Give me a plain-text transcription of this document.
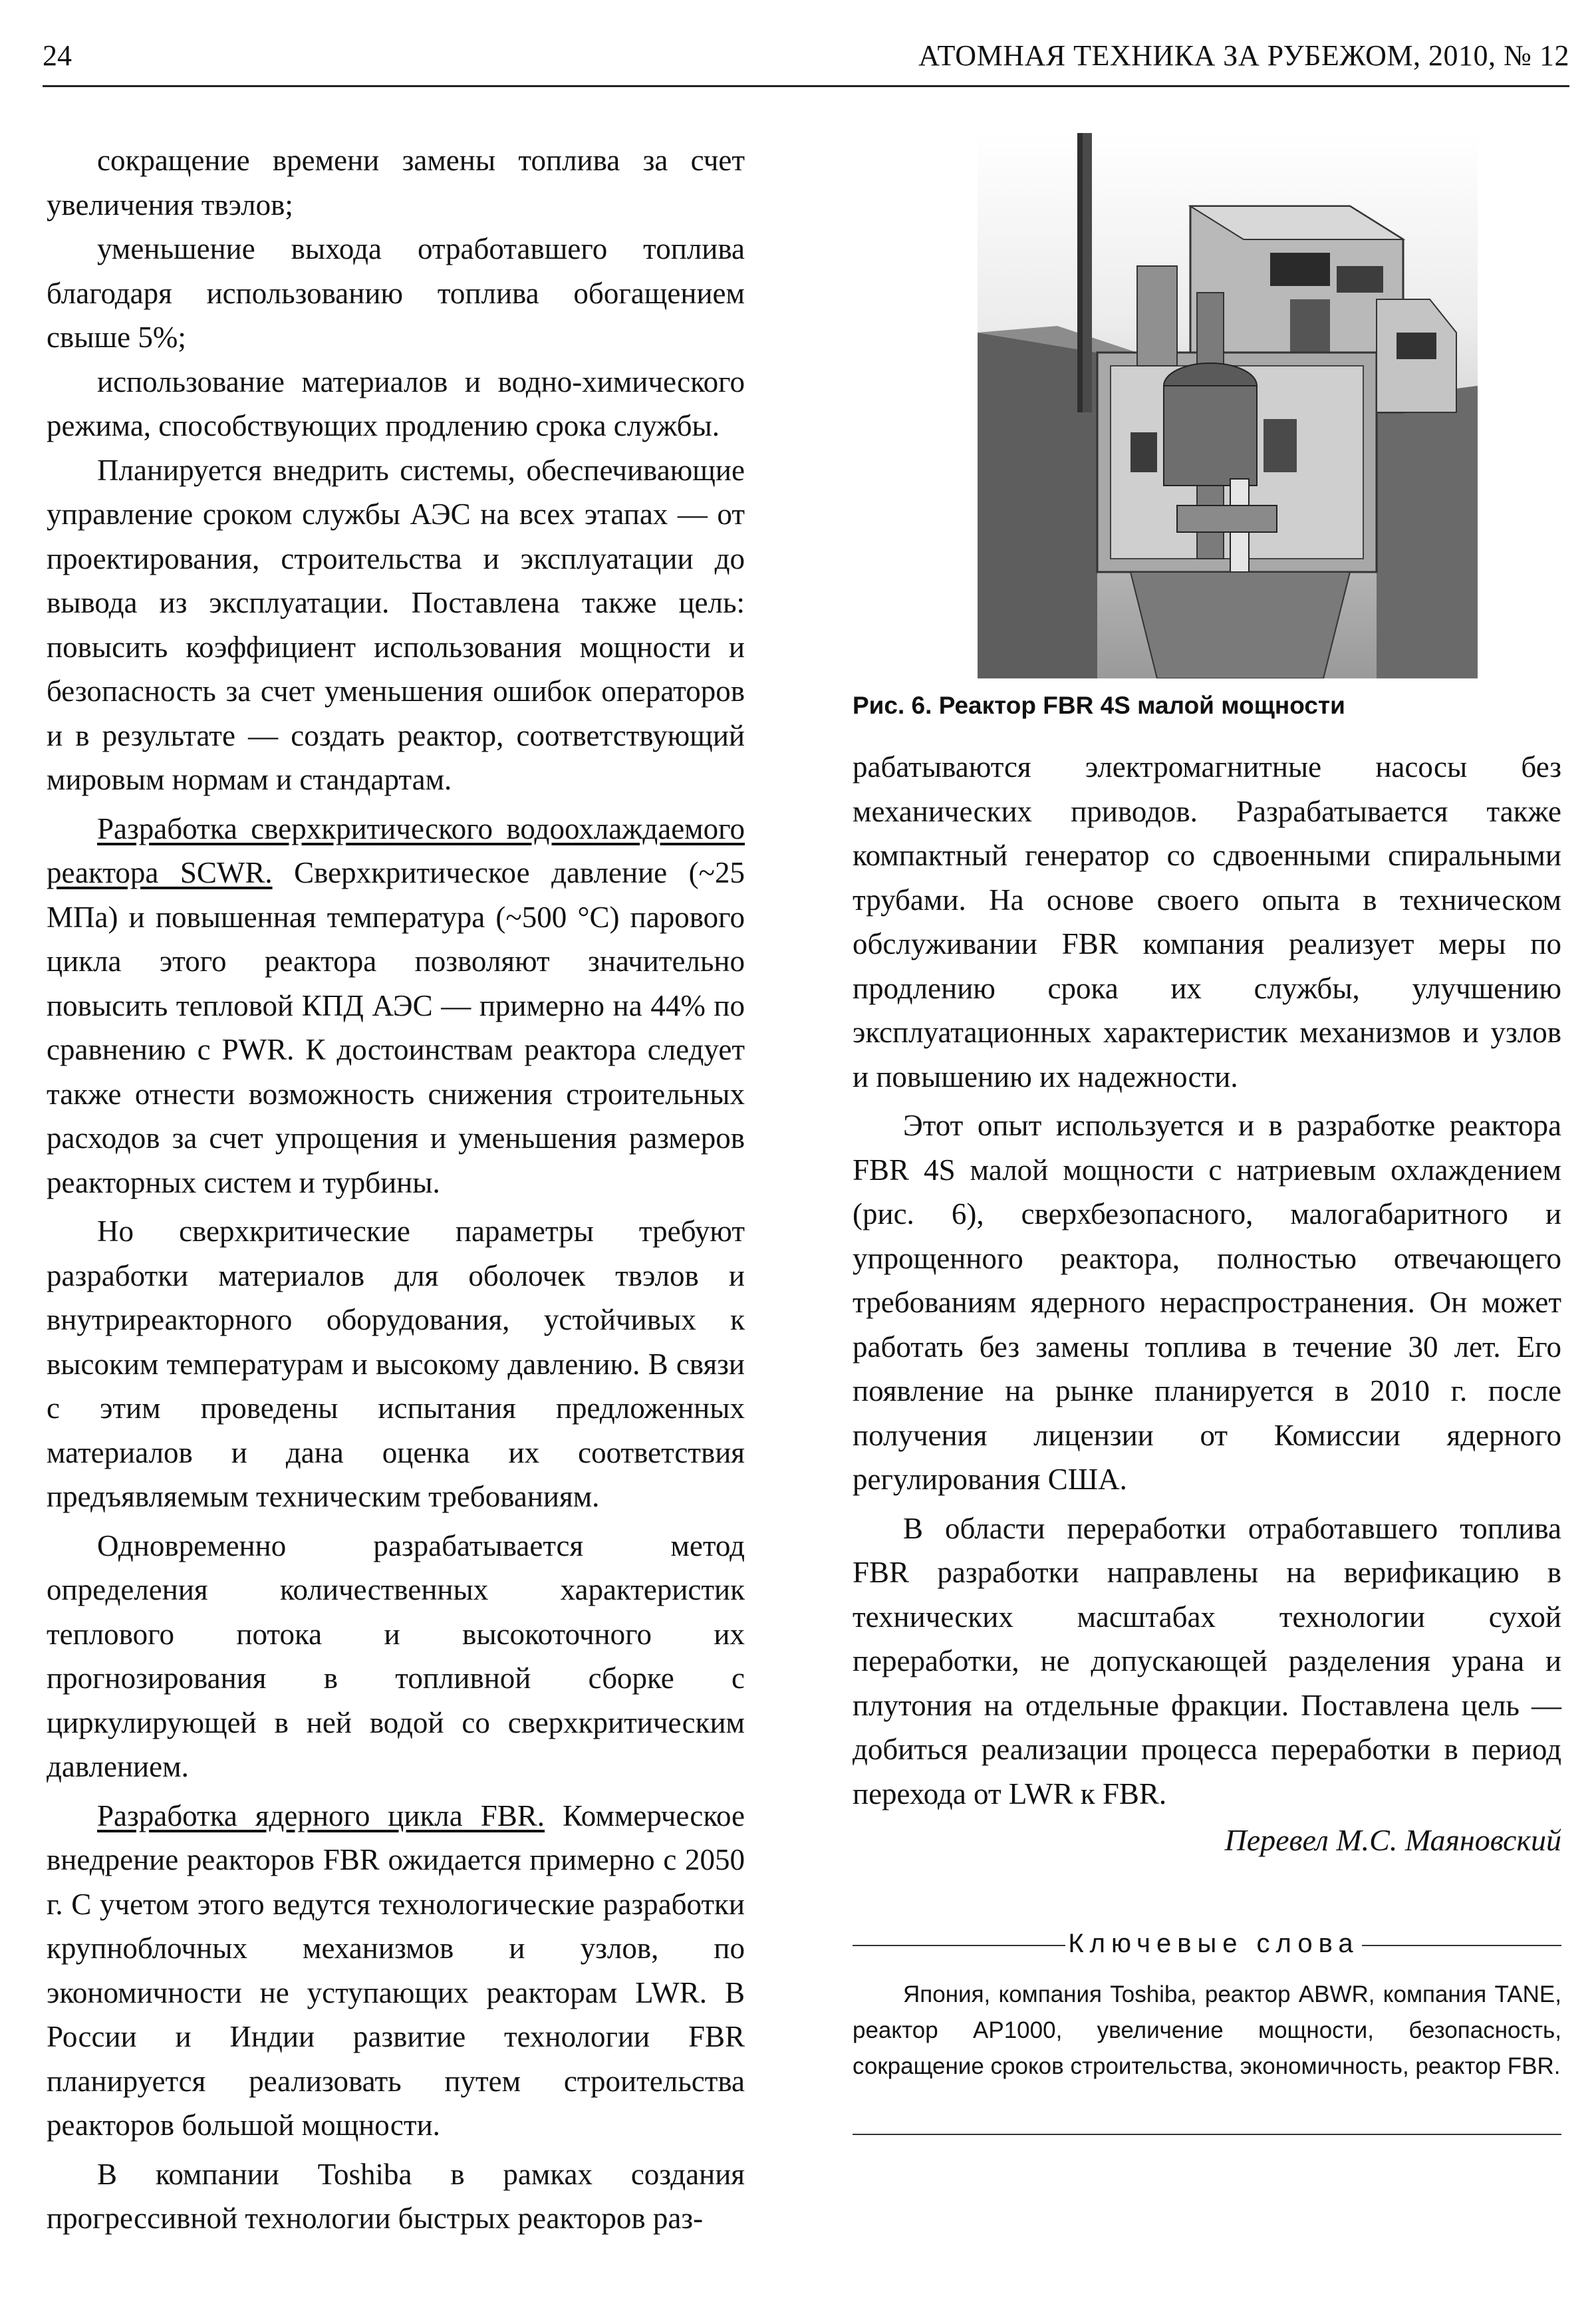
24	АТОМНАЯ ТЕХНИКА ЗА РУБЕЖОМ, 2010, № 12

сокращение времени замены топлива за счет увеличения твэлов;

уменьшение выхода отработавшего топлива благодаря использованию топлива обогащением свыше 5%;

использование материалов и водно-химического режима, способствующих продлению срока службы.

Планируется внедрить системы, обеспечивающие управление сроком службы АЭС на всех этапах — от проектирования, строительства и эксплуатации до вывода из эксплуатации. Поставлена также цель: повысить коэффициент использования мощности и безопасность за счет уменьшения ошибок операторов и в результате — создать реактор, соответствующий мировым нормам и стандартам.

Разработка сверхкритического водоохлаждаемого реактора SCWR. Сверхкритическое давление (~25 МПа) и повышенная температура (~500 °С) парового цикла этого реактора позволяют значительно повысить тепловой КПД АЭС — примерно на 44% по сравнению с PWR. К достоинствам реактора следует также отнести возможность снижения строительных расходов за счет упрощения и уменьшения размеров реакторных систем и турбины.

Но сверхкритические параметры требуют разработки материалов для оболочек твэлов и внутриреакторного оборудования, устойчивых к высоким температурам и высокому давлению. В связи с этим проведены испытания предложенных материалов и дана оценка их соответствия предъявляемым техническим требованиям.

Одновременно разрабатывается метод определения количественных характеристик теплового потока и высокоточного их прогнозирования в топливной сборке с циркулирующей в ней водой со сверхкритическим давлением.

Разработка ядерного цикла FBR. Коммерческое внедрение реакторов FBR ожидается примерно с 2050 г. С учетом этого ведутся технологические разработки крупноблочных механизмов и узлов, по экономичности не уступающих реакторам LWR. В России и Индии развитие технологии FBR планируется реализовать путем строительства реакторов большой мощности.

В компании Toshiba в рамках создания прогрессивной технологии быстрых реакторов раз-

Рис. 6. Реактор FBR 4S малой мощности

рабатываются электромагнитные насосы без механических приводов. Разрабатывается также компактный генератор со сдвоенными спиральными трубами. На основе своего опыта в техническом обслуживании FBR компания реализует меры по продлению срока их службы, улучшению эксплуатационных характеристик механизмов и узлов и повышению их надежности.

Этот опыт используется и в разработке реактора FBR 4S малой мощности с натриевым охлаждением (рис. 6), сверхбезопасного, малогабаритного и упрощенного реактора, полностью отвечающего требованиям ядерного нераспространения. Он может работать без замены топлива в течение 30 лет. Его появление на рынке планируется в 2010 г. после получения лицензии от Комиссии ядерного регулирования США.

В области переработки отработавшего топлива FBR разработки направлены на верификацию в технических масштабах технологии сухой переработки, не допускающей разделения урана и плутония на отдельные фракции. Поставлена цель — добиться реализации процесса переработки в период перехода от LWR к FBR.

Перевел М.С. Маяновский
Ключевые слова

Япония, компания Toshiba, реактор ABWR, компания TANE, реактор AP1000, увеличение мощности, безопасность, сокращение сроков строительства, экономичность, реактор FBR.
